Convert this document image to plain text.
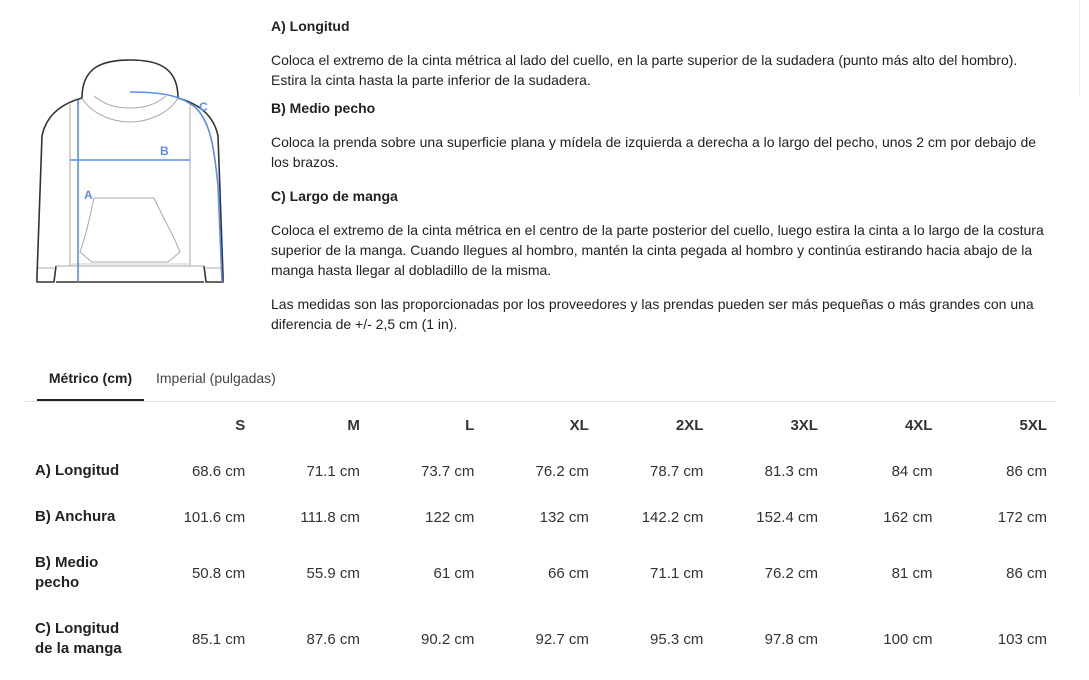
A
B
C
A) Longitud
Coloca el extremo de la cinta métrica al lado del cuello, en la parte superior de la sudadera (punto más alto del hombro). Estira la cinta hasta la parte inferior de la sudadera.
B) Medio pecho
Coloca la prenda sobre una superficie plana y mídela de izquierda a derecha a lo largo del pecho, unos 2 cm por debajo de los brazos.
C) Largo de manga
Coloca el extremo de la cinta métrica en el centro de la parte posterior del cuello, luego estira la cinta a lo largo de la costura superior de la manga. Cuando llegues al hombro, mantén la cinta pegada al hombro y continúa estirando hacia abajo de la manga hasta llegar al dobladillo de la misma.
Las medidas son las proporcionadas por los proveedores y las prendas pueden ser más pequeñas o más grandes con una diferencia de +/- 2,5 cm (1 in).
Métrico (cm)	Imperial (pulgadas)
	S	M	L	XL	2XL	3XL	4XL	5XL
A) Longitud	68.6 cm	71.1 cm	73.7 cm	76.2 cm	78.7 cm	81.3 cm	84 cm	86 cm
B) Anchura	101.6 cm	111.8 cm	122 cm	132 cm	142.2 cm	152.4 cm	162 cm	172 cm
B) Medio pecho	50.8 cm	55.9 cm	61 cm	66 cm	71.1 cm	76.2 cm	81 cm	86 cm
C) Longitud de la manga	85.1 cm	87.6 cm	90.2 cm	92.7 cm	95.3 cm	97.8 cm	100 cm	103 cm
